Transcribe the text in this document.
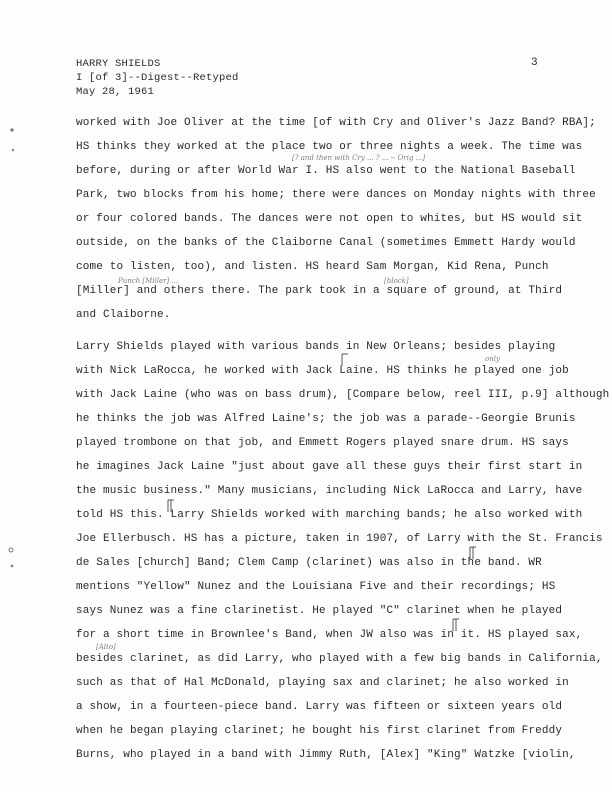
HARRY SHIELDS
I [of 3]--Digest--Retyped
May 28, 1961
3
worked with Joe Oliver at the time [of with Cry and Oliver's Jazz Band? RBA];
HS thinks they worked at the place two or three nights a week. The time was
before, during or after World War I. HS also went to the National Baseball
Park, two blocks from his home; there were dances on Monday nights with three
or four colored bands. The dances were not open to whites, but HS would sit
outside, on the banks of the Claiborne Canal (sometimes Emmett Hardy would
come to listen, too), and listen. HS heard Sam Morgan, Kid Rena, Punch
[Miller] and others there. The park took in a square of ground, at Third
and Claiborne.
Larry Shields played with various bands in New Orleans; besides playing
with Nick LaRocca, he worked with Jack Laine. HS thinks he played one job
with Jack Laine (who was on bass drum), [Compare below, reel III, p.9] although
he thinks the job was Alfred Laine's; the job was a parade--Georgie Brunis
played trombone on that job, and Emmett Rogers played snare drum. HS says
he imagines Jack Laine "just about gave all these guys their first start in
the music business." Many musicians, including Nick LaRocca and Larry, have
told HS this. Larry Shields worked with marching bands; he also worked with
Joe Ellerbusch. HS has a picture, taken in 1907, of Larry with the St. Francis
de Sales [church] Band; Clem Camp (clarinet) was also in the band. WR
mentions "Yellow" Nunez and the Louisiana Five and their recordings; HS
says Nunez was a fine clarinetist. He played "C" clarinet when he played
for a short time in Brownlee's Band, when JW also was in it. HS played sax,
besides clarinet, as did Larry, who played with a few big bands in California,
such as that of Hal McDonald, playing sax and clarinet; he also worked in
a show, in a fourteen-piece band. Larry was fifteen or sixteen years old
when he began playing clarinet; he bought his first clarinet from Freddy
Burns, who played in a band with Jimmy Ruth, [Alex] "King" Watzke [violin,
[? and then with Cry ... ? ... -- Orig ...]
Punch [Miller] ...	[block]
only
[Alto]
